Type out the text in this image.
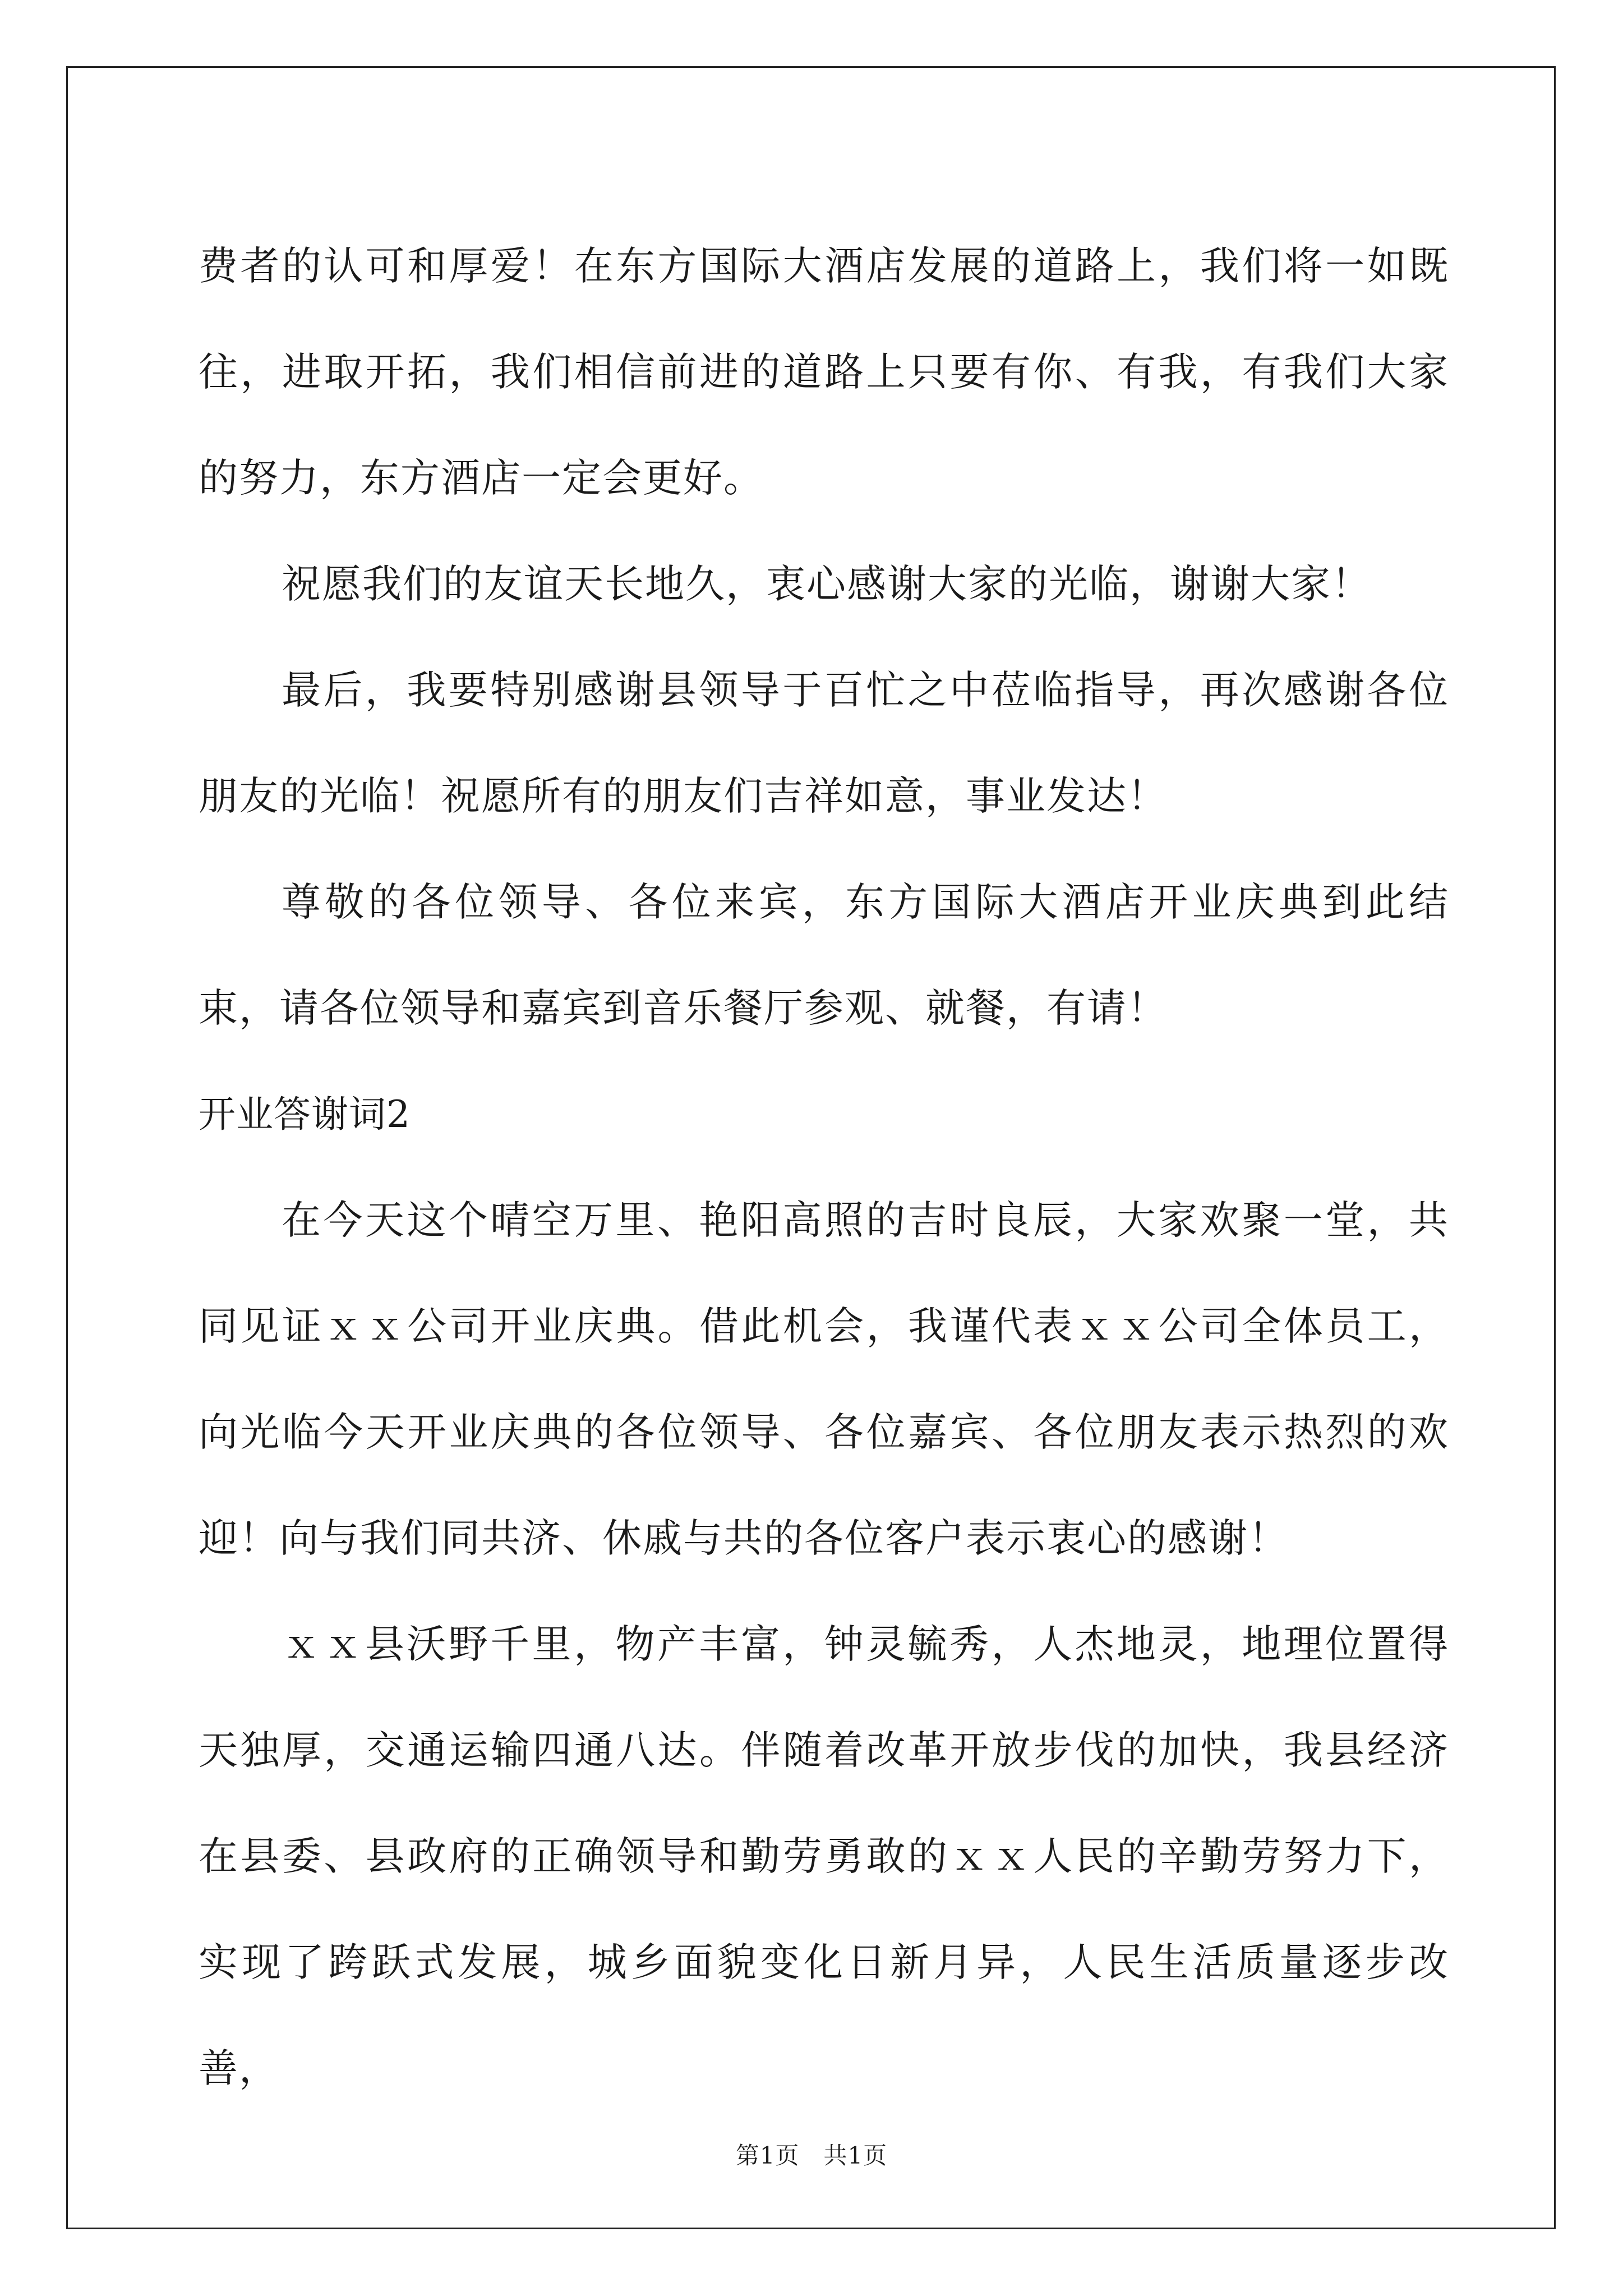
费者的认可和厚爱！在东方国际大酒店发展的道路上，我们将一如既往，进取开拓，我们相信前进的道路上只要有你、有我，有我们大家的努力，东方酒店一定会更好。

祝愿我们的友谊天长地久，衷心感谢大家的光临，谢谢大家！

最后，我要特别感谢县领导于百忙之中莅临指导，再次感谢各位朋友的光临！祝愿所有的朋友们吉祥如意，事业发达！

尊敬的各位领导、各位来宾，东方国际大酒店开业庆典到此结束，请各位领导和嘉宾到音乐餐厅参观、就餐，有请！

开业答谢词2

在今天这个晴空万里、艳阳高照的吉时良辰，大家欢聚一堂，共同见证ｘｘ公司开业庆典。借此机会，我谨代表ｘｘ公司全体员工，向光临今天开业庆典的各位领导、各位嘉宾、各位朋友表示热烈的欢迎！向与我们同共济、休戚与共的各位客户表示衷心的感谢！

ｘｘ县沃野千里，物产丰富，钟灵毓秀，人杰地灵，地理位置得天独厚，交通运输四通八达。伴随着改革开放步伐的加快，我县经济在县委、县政府的正确领导和勤劳勇敢的ｘｘ人民的辛勤劳努力下，实现了跨跃式发展，城乡面貌变化日新月异，人民生活质量逐步改善，

第1页　共1页
